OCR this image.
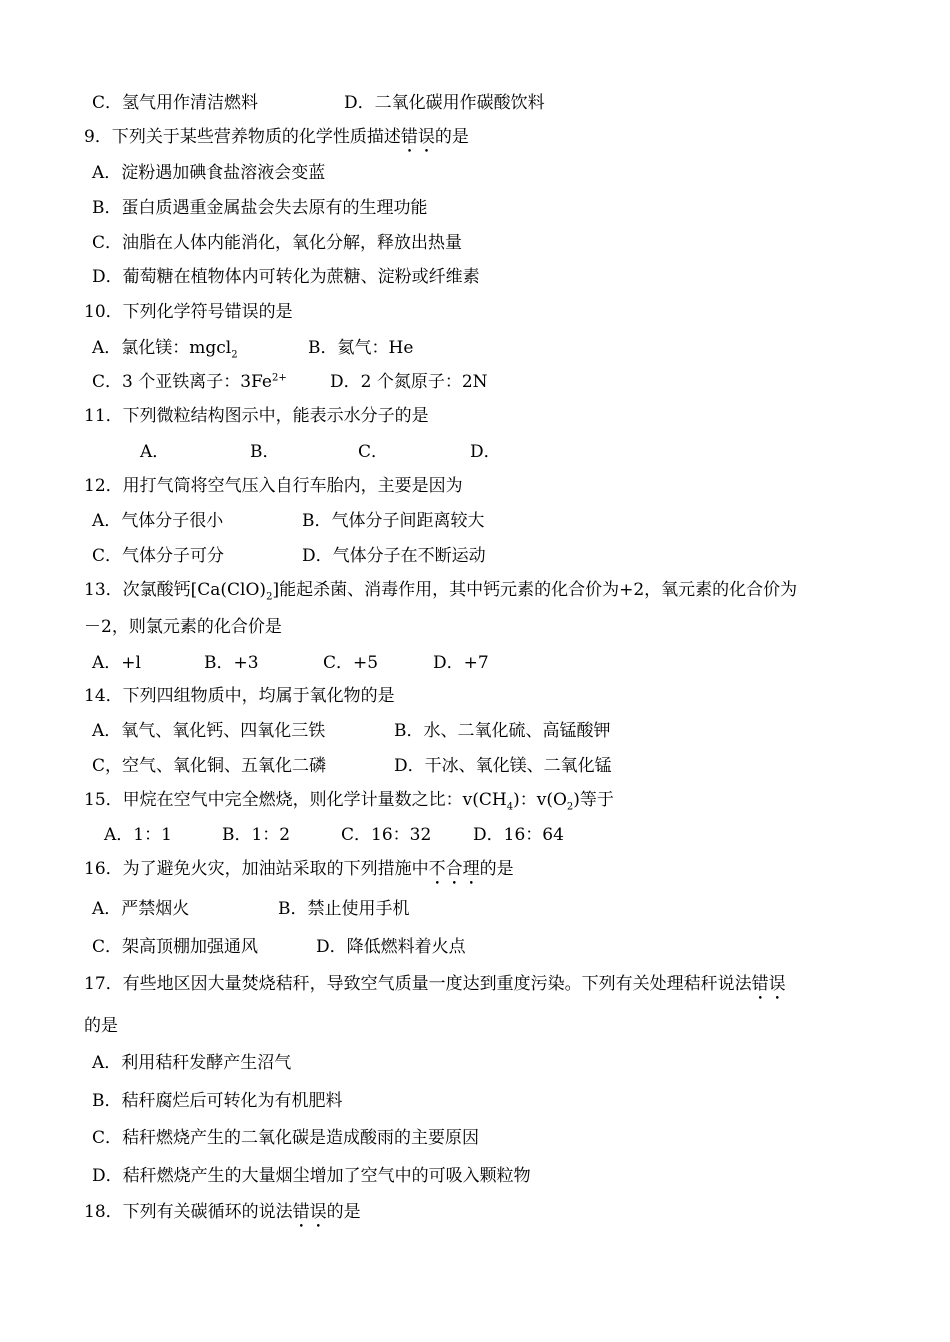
C．氢气用作清洁燃料	D．二氧化碳用作碳酸饮料
9．下列关于某些营养物质的化学性质描述错误的是
A．淀粉遇加碘食盐溶液会变蓝
B．蛋白质遇重金属盐会失去原有的生理功能
C．油脂在人体内能消化，氧化分解，释放出热量
D．葡萄糖在植物体内可转化为蔗糖、淀粉或纤维素
10．下列化学符号错误的是
A．氯化镁：mgcl$_2$	B．氦气：He
C．3 个亚铁离子：$3Fe^{2+}$	D．2 个氮原子：2N
11．下列微粒结构图示中，能表示水分子的是
A．	B．	C．	D．
12．用打气筒将空气压入自行车胎内，主要是因为
A．气体分子很小	B．气体分子间距离较大
C．气体分子可分	D．气体分子在不断运动
13．次氯酸钙$[Ca(ClO)_2]$能起杀菌、消毒作用，其中钙元素的化合价为+2，氧元素的化合价为
－2，则氯元素的化合价是
A．+l	B．+3	C．+5	D．+7
14．下列四组物质中，均属于氧化物的是
A．氧气、氧化钙、四氧化三铁	B．水、二氧化硫、高锰酸钾
C，空气、氧化铜、五氧化二磷	D．干冰、氧化镁、二氧化锰
15．甲烷在空气中完全燃烧，则化学计量数之比：$v(CH_4)$：$v(O_2)$等于
A．1：1	B．1：2	C．16：32 D．16：64
16．为了避免火灾，加油站采取的下列措施中不合理的是
A．严禁烟火	B．禁止使用手机
C．架高顶棚加强通风	D．降低燃料着火点
17．有些地区因大量焚烧秸秆，导致空气质量一度达到重度污染。下列有关处理秸秆说法错误
的是
A．利用秸秆发酵产生沼气
B．秸秆腐烂后可转化为有机肥料
C．秸秆燃烧产生的二氧化碳是造成酸雨的主要原因
D．秸秆燃烧产生的大量烟尘增加了空气中的可吸入颗粒物
18．下列有关碳循环的说法错误的是
